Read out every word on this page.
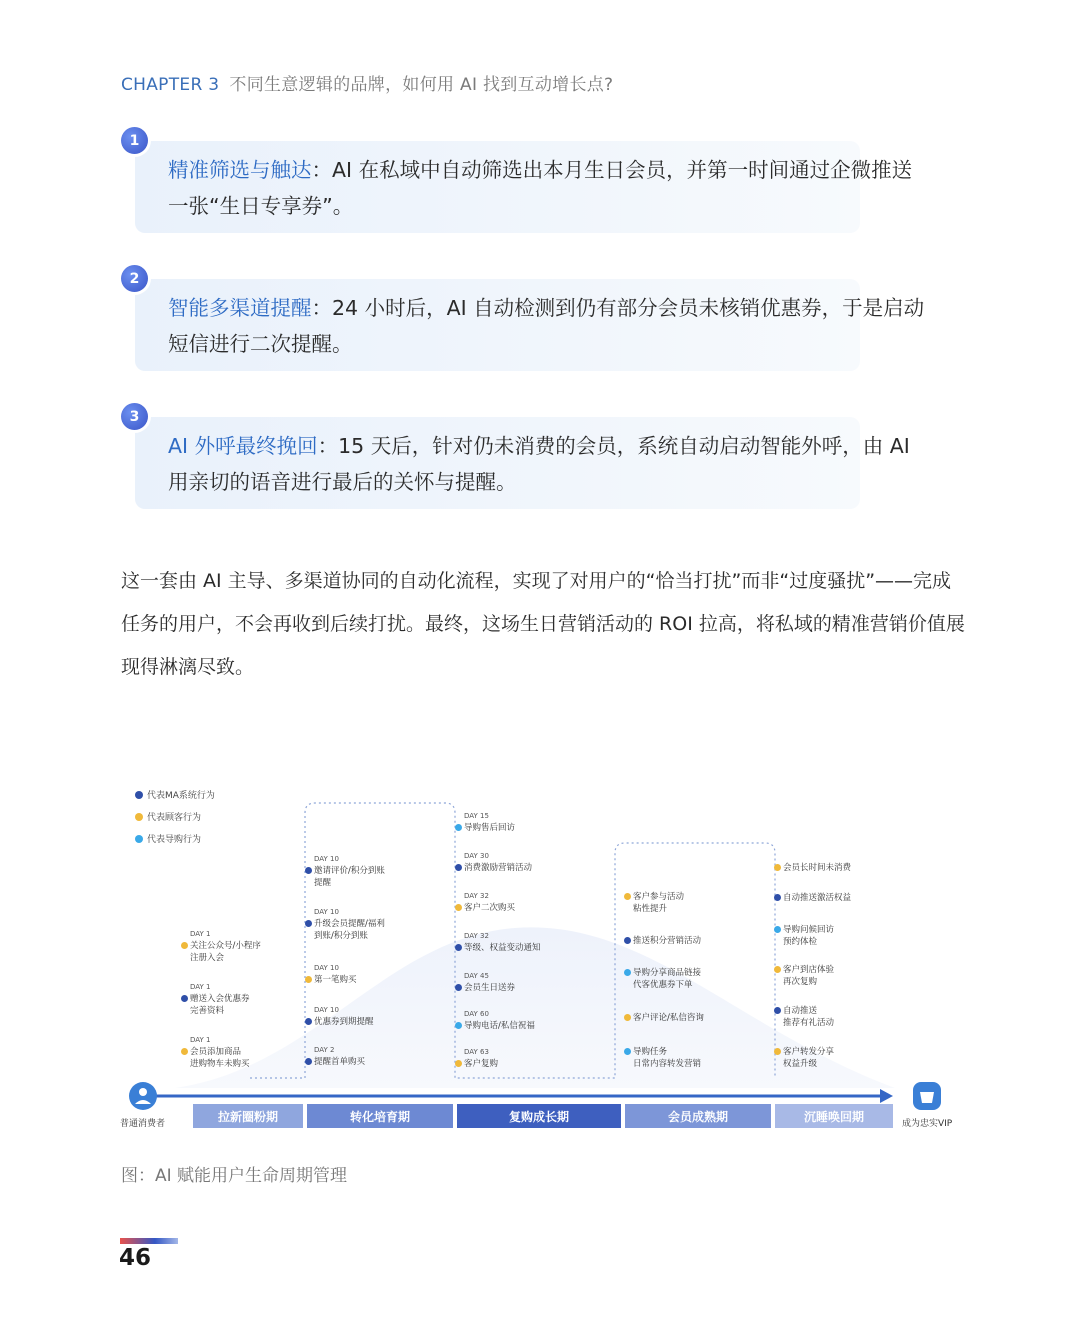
CHAPTER 3 不同生意逻辑的品牌，如何用 AI 找到互动增长点?
1
精准筛选与触达：AI 在私域中自动筛选出本月生日会员，并第一时间通过企微推送一张“生日专享券”。
2
智能多渠道提醒：24 小时后，AI 自动检测到仍有部分会员未核销优惠券，于是启动短信进行二次提醒。
3
AI 外呼最终挽回：15 天后，针对仍未消费的会员，系统自动启动智能外呼，由 AI 用亲切的语音进行最后的关怀与提醒。
这一套由 AI 主导、多渠道协同的自动化流程，实现了对用户的“恰当打扰”而非“过度骚扰”——完成任务的用户，不会再收到后续打扰。最终，这场生日营销活动的 ROI 拉高，将私域的精准营销价值展现得淋漓尽致。
代表MA系统行为
代表顾客行为
代表导购行为
DAY 1
关注公众号/小程序
注册入会
DAY 1
赠送入会优惠券
完善资料
DAY 1
会员添加商品
进购物车未购买
DAY 10
邀请评价/积分到账
提醒
DAY 10
升级会员提醒/福利
到账/积分到账
DAY 10
第一笔购买
DAY 10
优惠券到期提醒
DAY 2
提醒首单购买
DAY 15
导购售后回访
DAY 30
消费激励营销活动
DAY 32
客户二次购买
DAY 32
等级、权益变动通知
DAY 45
会员生日送券
DAY 60
导购电话/私信祝福
DAY 63
客户复购
客户参与活动
粘性提升
推送积分营销活动
导购分享商品链接
代客优惠券下单
客户评论/私信咨询
导购任务
日常内容转发营销
会员长时间未消费
自动推送激活权益
导购问候回访
预约体检
客户到店体验
再次复购
自动推送
推荐有礼活动
客户转发分享
权益升级
拉新圈粉期	转化培育期	复购成长期	会员成熟期	沉睡唤回期
普通消费者	成为忠实VIP
图：AI 赋能用户生命周期管理
46
